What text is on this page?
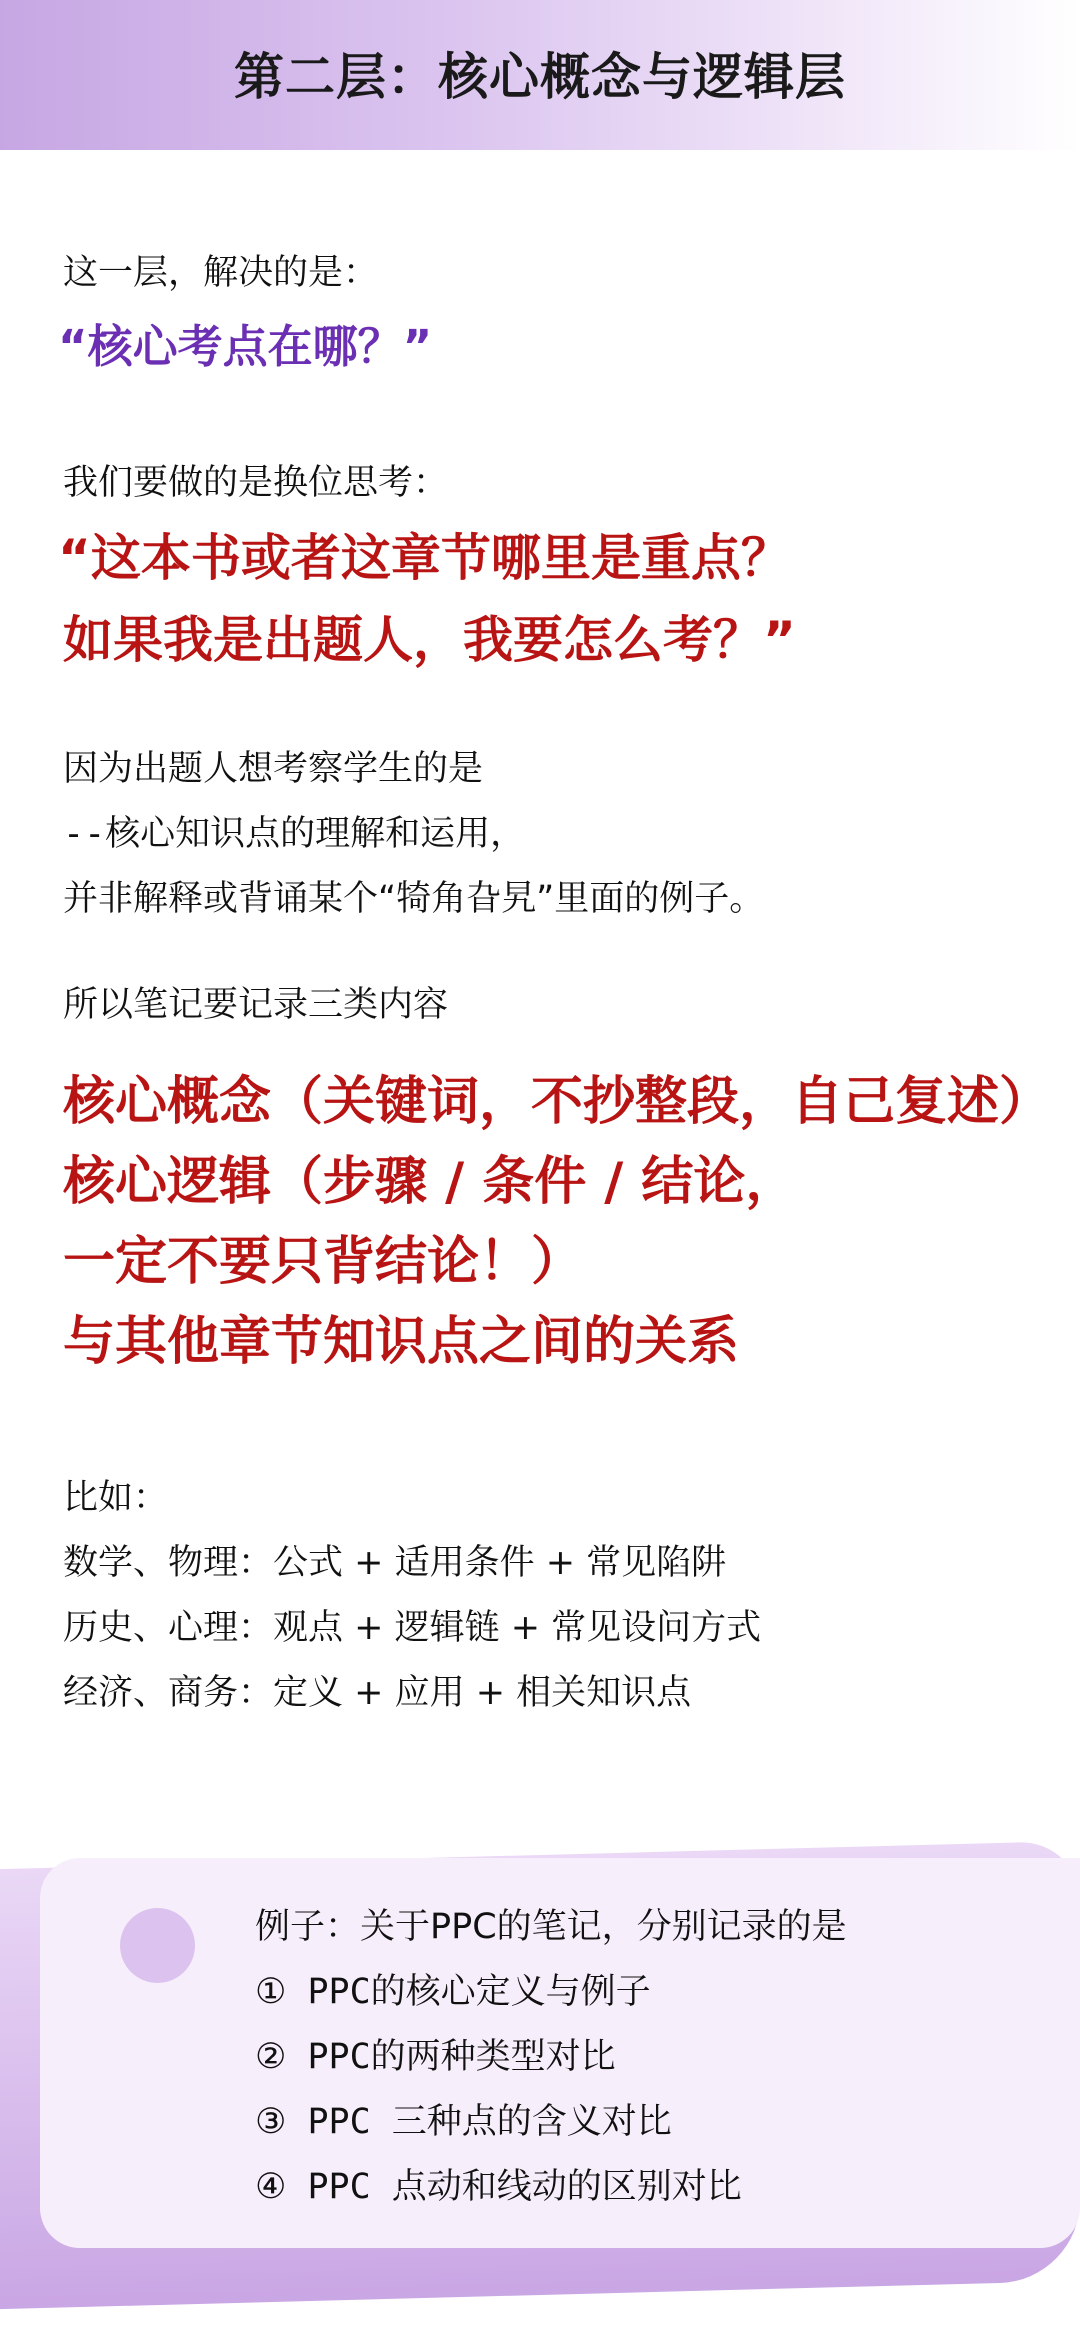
第二层：核心概念与逻辑层
这一层，解决的是：
“核心考点在哪？”
我们要做的是换位思考：
“这本书或者这章节哪里是重点？
如果我是出题人，我要怎么考？”
因为出题人想考察学生的是
--核心知识点的理解和运用，
并非解释或背诵某个“犄角旮旯”里面的例子。
所以笔记要记录三类内容
核心概念（关键词，不抄整段，自己复述）
核心逻辑（步骤 / 条件 / 结论，
一定不要只背结论！）
与其他章节知识点之间的关系
比如：
数学、物理：公式 + 适用条件 + 常见陷阱
历史、心理：观点 + 逻辑链 + 常见设问方式
经济、商务：定义 + 应用 + 相关知识点
例子：关于PPC的笔记，分别记录的是
① PPC的核心定义与例子
② PPC的两种类型对比
③ PPC 三种点的含义对比
④ PPC 点动和线动的区别对比
